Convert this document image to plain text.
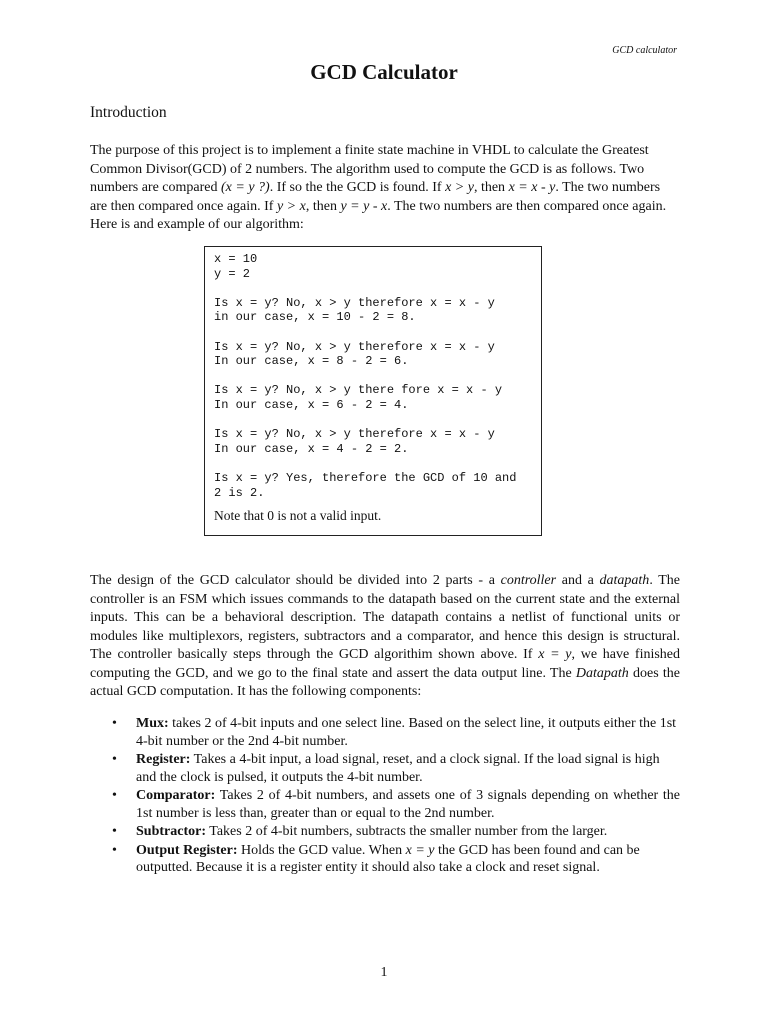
GCD calculator
GCD Calculator
Introduction

The purpose of this project is to implement a finite state machine in VHDL to calculate the Greatest Common Divisor(GCD) of 2 numbers. The algorithm used to compute the GCD is as follows. Two numbers are compared (x = y ?). If so the the GCD is found. If x > y, then x = x - y. The two numbers are then compared once again. If y > x, then y = y - x. The two numbers are then compared once again. Here is and example of our algorithm:

x = 10
y = 2
Is x = y? No, x > y therefore x = x - y
in our case, x = 10 - 2 = 8.
Is x = y? No, x > y therefore x = x - y
In our case, x = 8 - 2 = 6.
Is x = y? No, x > y there fore x = x - y
In our case, x = 6 - 2 = 4.
Is x = y? No, x > y therefore x = x - y
In our case, x = 4 - 2 = 2.
Is x = y? Yes, therefore the GCD of 10 and
2 is 2.
Note that 0 is not a valid input.

The design of the GCD calculator should be divided into 2 parts - a controller and a datapath. The controller is an FSM which issues commands to the datapath based on the current state and the external inputs. This can be a behavioral description. The datapath contains a netlist of functional units or modules like multiplexors, registers, subtractors and a comparator, and hence this design is structural. The controller basically steps through the GCD algorithim shown above. If x = y, we have finished computing the GCD, and we go to the final state and assert the data output line. The Datapath does the actual GCD computation. It has the following components:

• Mux: takes 2 of 4-bit inputs and one select line. Based on the select line, it outputs either the 1st 4-bit number or the 2nd 4-bit number.
• Register: Takes a 4-bit input, a load signal, reset, and a clock signal. If the load signal is high and the clock is pulsed, it outputs the 4-bit number.
• Comparator: Takes 2 of 4-bit numbers, and assets one of 3 signals depending on whether the 1st number is less than, greater than or equal to the 2nd number.
• Subtractor: Takes 2 of 4-bit numbers, subtracts the smaller number from the larger.
• Output Register: Holds the GCD value. When x = y the GCD has been found and can be outputted. Because it is a register entity it should also take a clock and reset signal.
1
